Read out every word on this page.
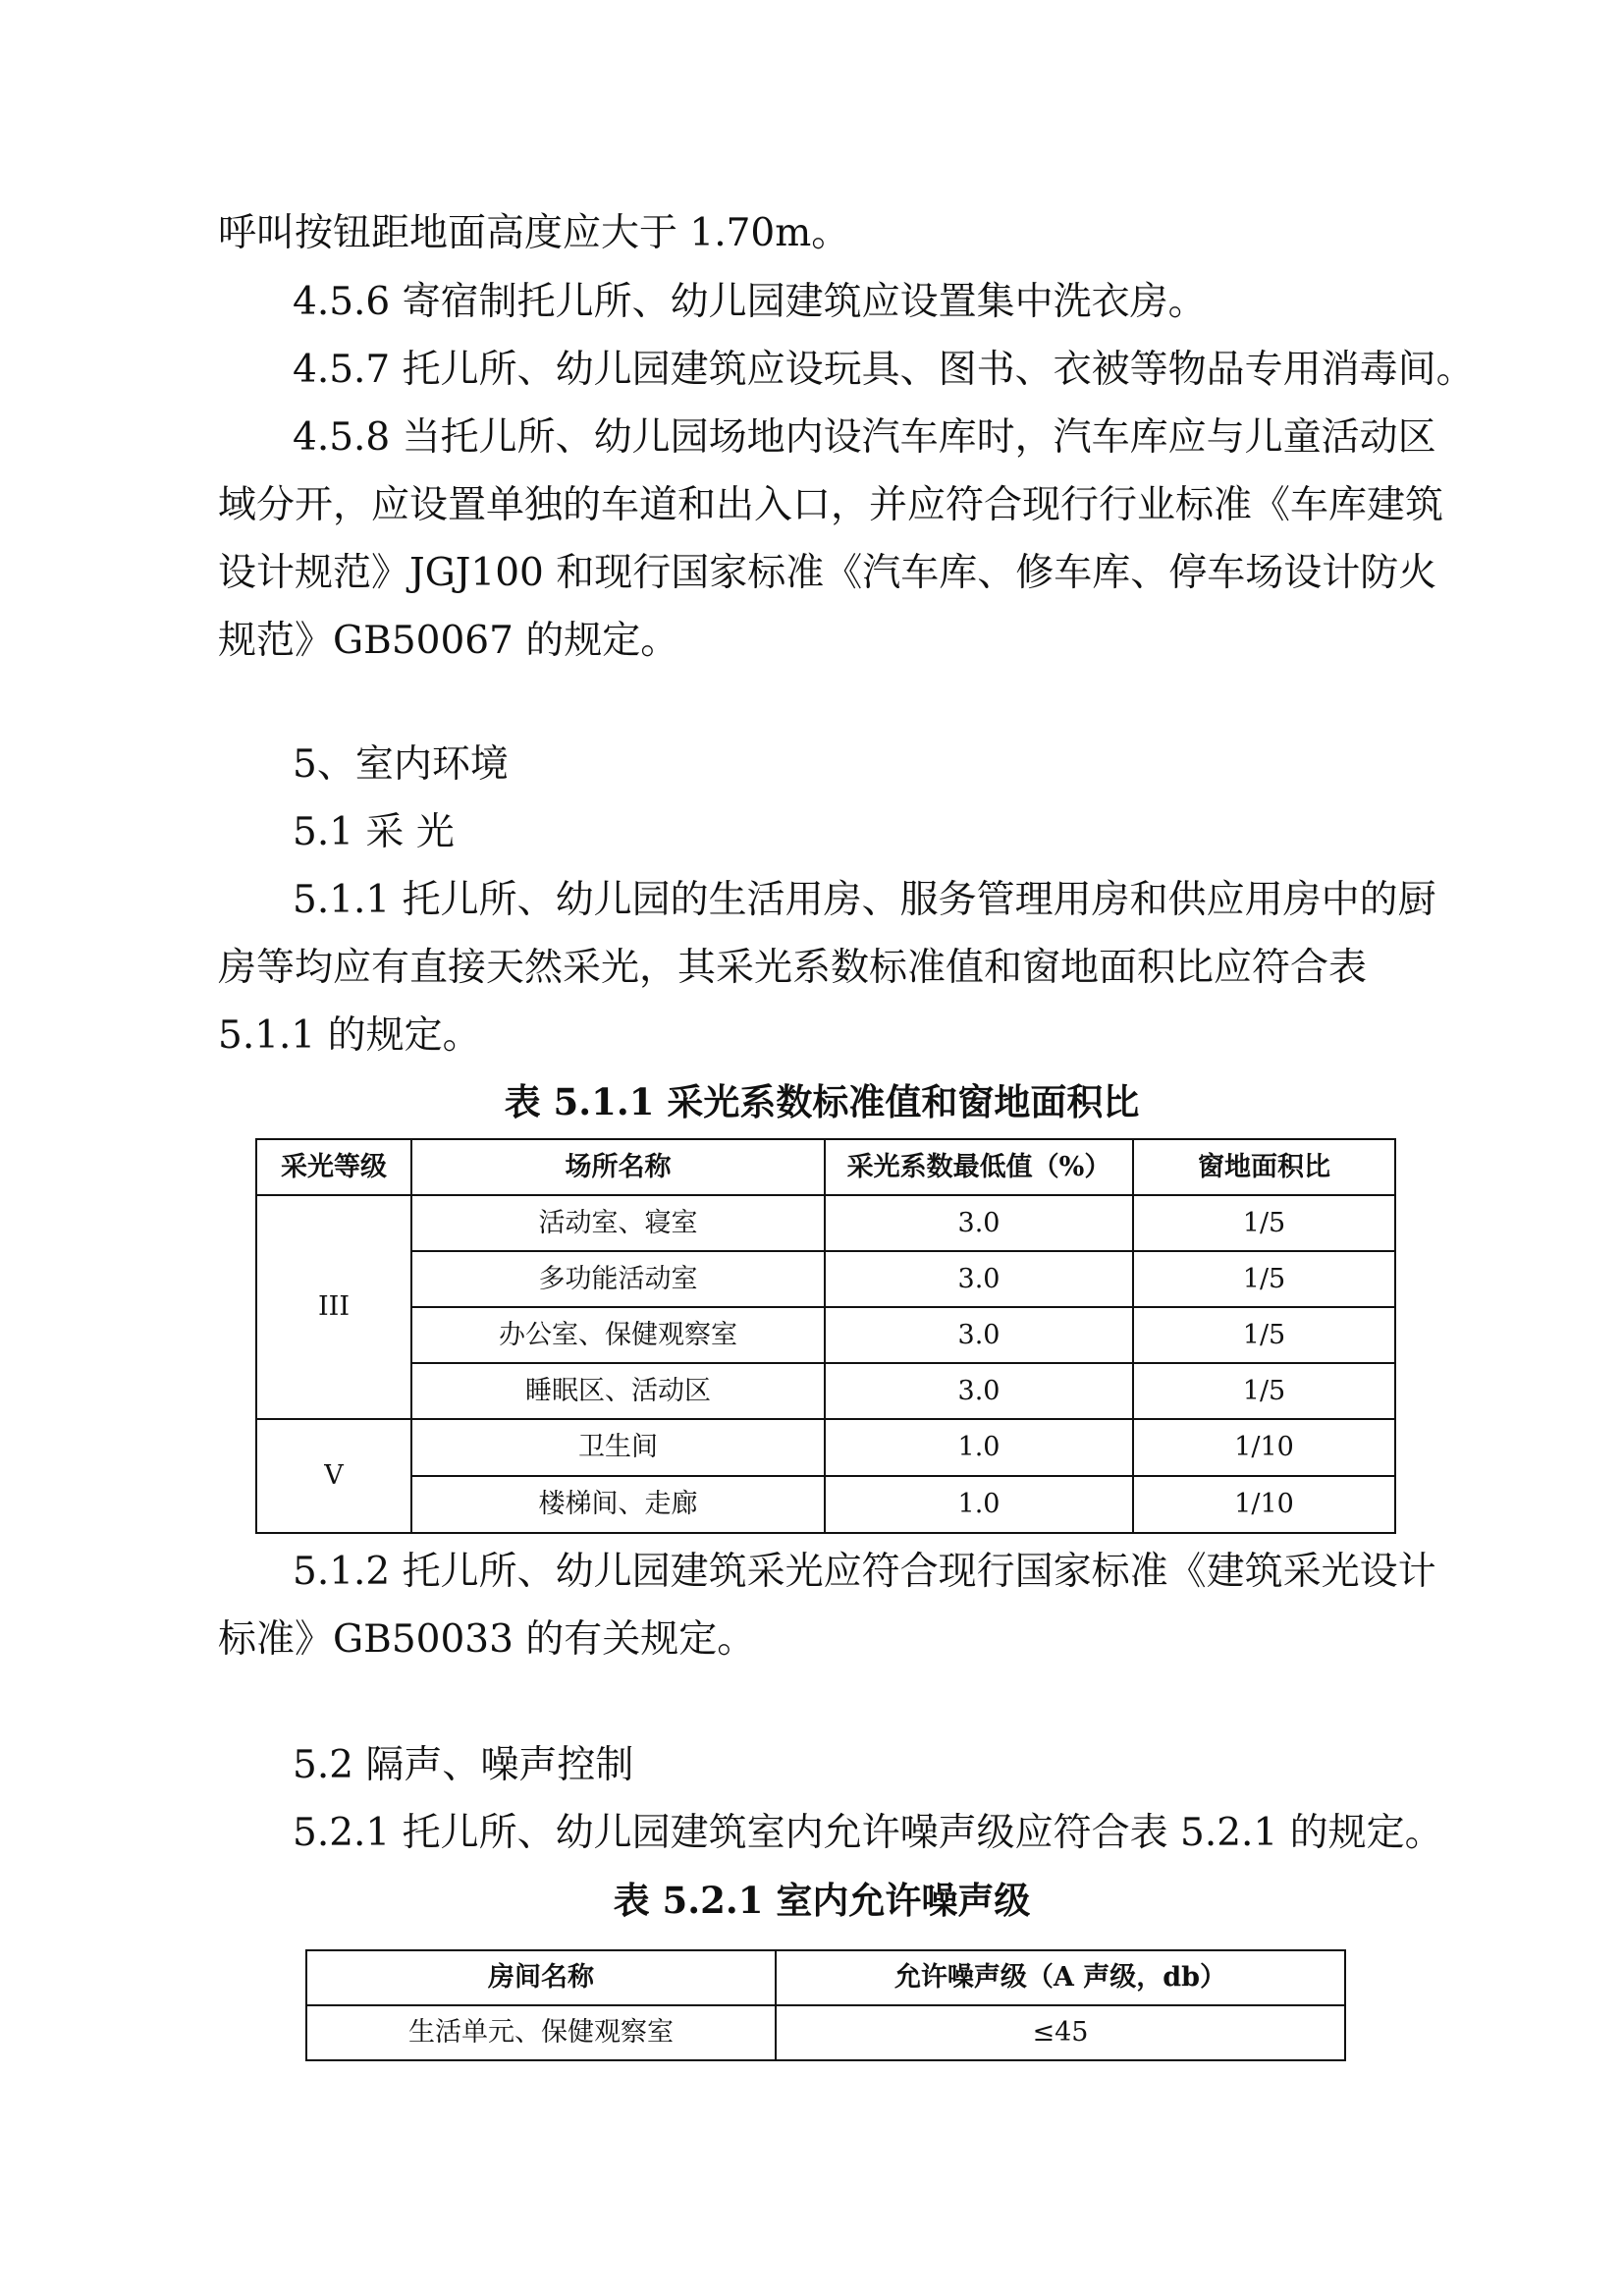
呼叫按钮距地面高度应大于 1.70m。
4.5.6 寄宿制托儿所、幼儿园建筑应设置集中洗衣房。
4.5.7 托儿所、幼儿园建筑应设玩具、图书、衣被等物品专用消毒间。
4.5.8 当托儿所、幼儿园场地内设汽车库时，汽车库应与儿童活动区
域分开，应设置单独的车道和出入口，并应符合现行行业标准《车库建筑
设计规范》JGJ100 和现行国家标准《汽车库、修车库、停车场设计防火
规范》GB50067 的规定。
5、室内环境
5.1 采 光
5.1.1 托儿所、幼儿园的生活用房、服务管理用房和供应用房中的厨
房等均应有直接天然采光，其采光系数标准值和窗地面积比应符合表
5.1.1 的规定。
表 5.1.1 采光系数标准值和窗地面积比
采光等级	场所名称	采光系数最低值（%）	窗地面积比
III	活动室、寝室	3.0	1/5
	多功能活动室	3.0	1/5
	办公室、保健观察室	3.0	1/5
	睡眠区、活动区	3.0	1/5
V	卫生间	1.0	1/10
	楼梯间、走廊	1.0	1/10
5.1.2 托儿所、幼儿园建筑采光应符合现行国家标准《建筑采光设计
标准》GB50033 的有关规定。
5.2 隔声、噪声控制
5.2.1 托儿所、幼儿园建筑室内允许噪声级应符合表 5.2.1 的规定。
表 5.2.1 室内允许噪声级
房间名称	允许噪声级（A 声级，db）
生活单元、保健观察室	≤45
